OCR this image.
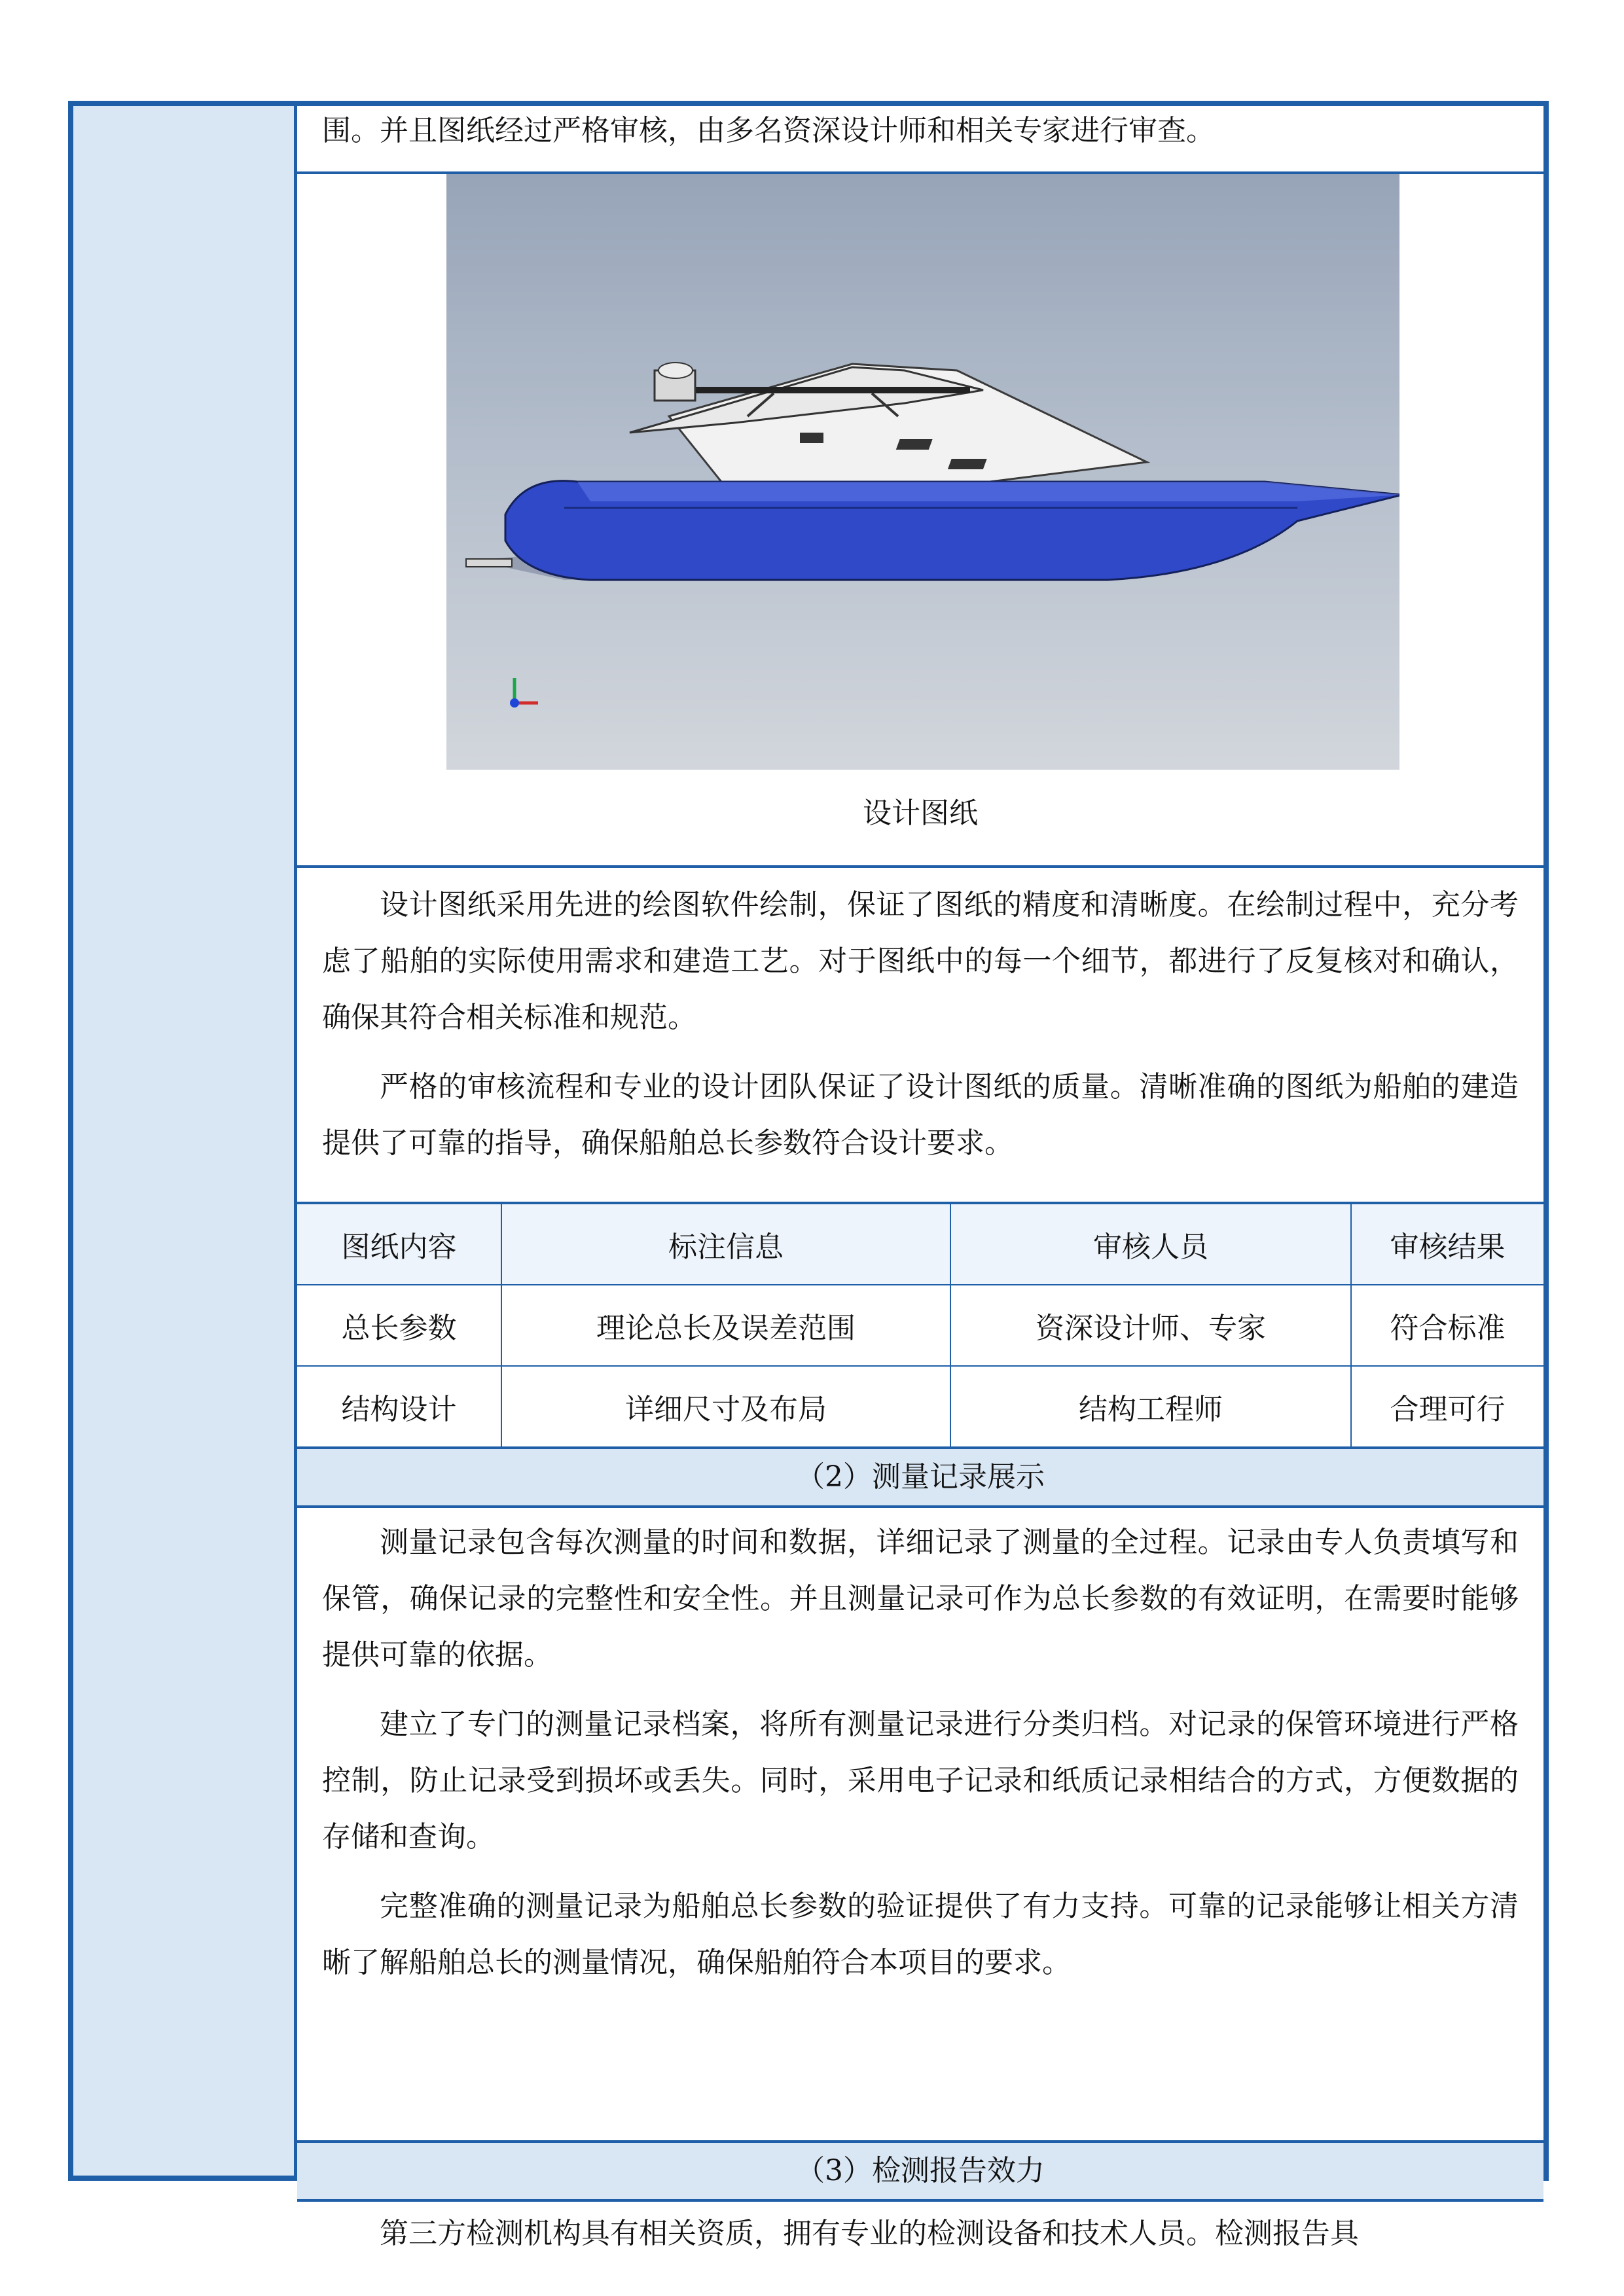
围。并且图纸经过严格审核，由多名资深设计师和相关专家进行审查。

设计图纸

设计图纸采用先进的绘图软件绘制，保证了图纸的精度和清晰度。在绘制过程中，充分考虑了船舶的实际使用需求和建造工艺。对于图纸中的每一个细节，都进行了反复核对和确认，确保其符合相关标准和规范。

严格的审核流程和专业的设计团队保证了设计图纸的质量。清晰准确的图纸为船舶的建造提供了可靠的指导，确保船舶总长参数符合设计要求。

图纸内容	标注信息	审核人员	审核结果
总长参数	理论总长及误差范围	资深设计师、专家	符合标准
结构设计	详细尺寸及布局	结构工程师	合理可行
（2）测量记录展示

测量记录包含每次测量的时间和数据，详细记录了测量的全过程。记录由专人负责填写和保管，确保记录的完整性和安全性。并且测量记录可作为总长参数的有效证明，在需要时能够提供可靠的依据。

建立了专门的测量记录档案，将所有测量记录进行分类归档。对记录的保管环境进行严格控制，防止记录受到损坏或丢失。同时，采用电子记录和纸质记录相结合的方式，方便数据的存储和查询。

完整准确的测量记录为船舶总长参数的验证提供了有力支持。可靠的记录能够让相关方清晰了解船舶总长的测量情况，确保船舶符合本项目的要求。

（3）检测报告效力

第三方检测机构具有相关资质，拥有专业的检测设备和技术人员。检测报告具
